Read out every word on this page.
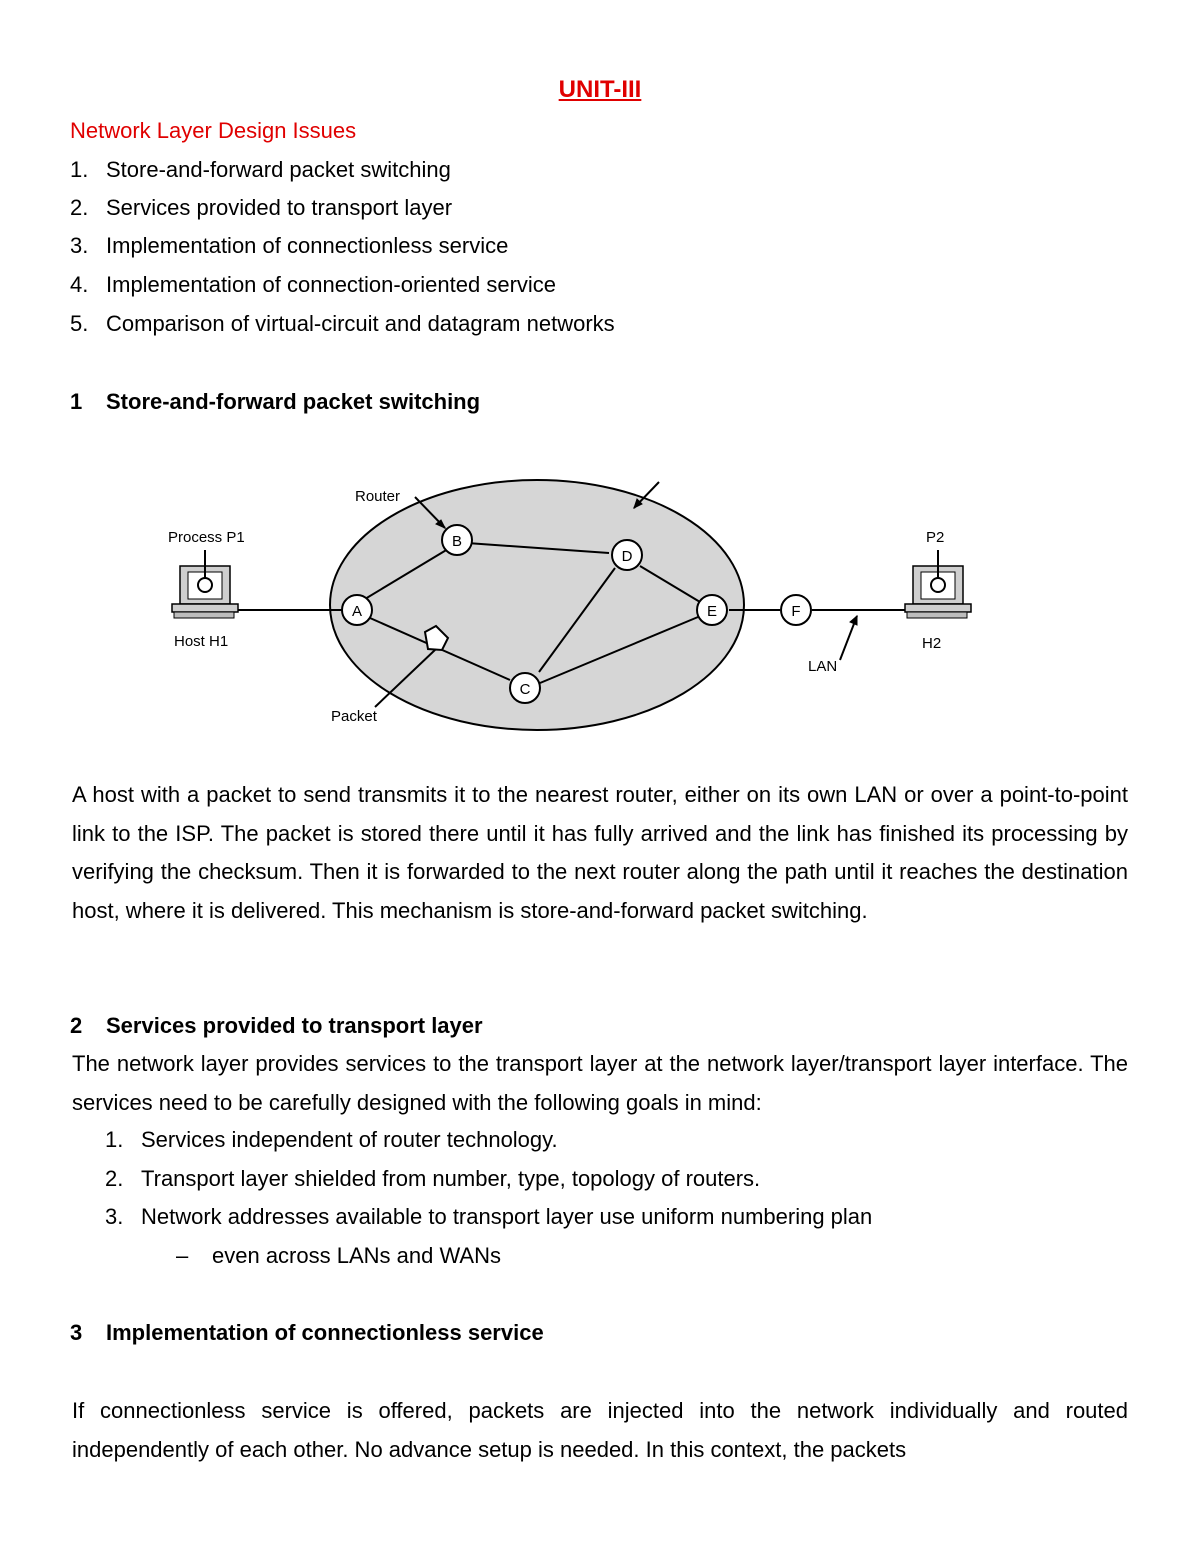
UNIT-III
Network Layer Design Issues
1. Store-and-forward packet switching
2. Services provided to transport layer
3. Implementation of connectionless service
4. Implementation of connection-oriented service
5. Comparison of virtual-circuit and datagram networks
1 Store-and-forward packet switching
A
B
C
D
E	F
Router
Process P1
Host H1
P2
H2
LAN
Packet
A host with a packet to send transmits it to the nearest router, either on its own LAN or over a point-to-point link to the ISP. The packet is stored there until it has fully arrived and the link has finished its processing by verifying the checksum. Then it is forwarded to the next router along the path until it reaches the destination host, where it is delivered. This mechanism is store-and-forward packet switching.
2 Services provided to transport layer
The network layer provides services to the transport layer at the network layer/transport layer interface. The services need to be carefully designed with the following goals in mind:
1. Services independent of router technology.
2. Transport layer shielded from number, type, topology of routers.
3. Network addresses available to transport layer use uniform numbering plan
– even across LANs and WANs
3 Implementation of connectionless service
If connectionless service is offered, packets are injected into the network individually and routed independently of each other. No advance setup is needed. In this context, the packets
